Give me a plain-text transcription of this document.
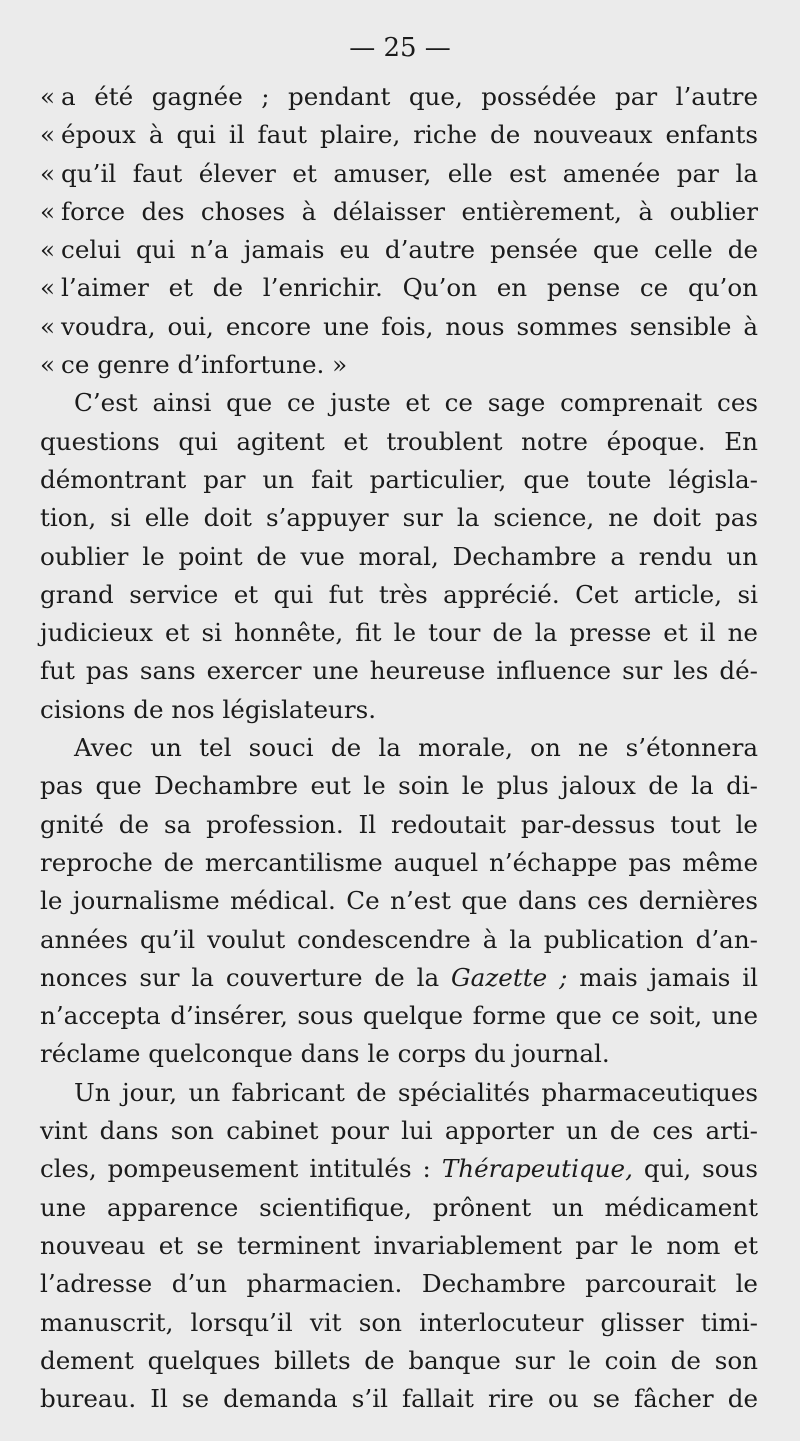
— 25 —
« a été gagnée ; pendant que, possédée par l’autre
« époux à qui il faut plaire, riche de nouveaux enfants
« qu’il faut élever et amuser, elle est amenée par la
« force des choses à délaisser entièrement, à oublier
« celui qui n’a jamais eu d’autre pensée que celle de
« l’aimer et de l’enrichir. Qu’on en pense ce qu’on
« voudra, oui, encore une fois, nous sommes sensible à
« ce genre d’infortune. »
C’est ainsi que ce juste et ce sage comprenait ces
questions qui agitent et troublent notre époque. En
démontrant par un fait particulier, que toute législa-
tion, si elle doit s’appuyer sur la science, ne doit pas
oublier le point de vue moral, Dechambre a rendu un
grand service et qui fut très apprécié. Cet article, si
judicieux et si honnête, fit le tour de la presse et il ne
fut pas sans exercer une heureuse influence sur les dé-
cisions de nos législateurs.
Avec un tel souci de la morale, on ne s’étonnera
pas que Dechambre eut le soin le plus jaloux de la di-
gnité de sa profession. Il redoutait par-dessus tout le
reproche de mercantilisme auquel n’échappe pas même
le journalisme médical. Ce n’est que dans ces dernières
années qu’il voulut condescendre à la publication d’an-
nonces sur la couverture de la Gazette ; mais jamais il
n’accepta d’insérer, sous quelque forme que ce soit, une
réclame quelconque dans le corps du journal.
Un jour, un fabricant de spécialités pharmaceutiques
vint dans son cabinet pour lui apporter un de ces arti-
cles, pompeusement intitulés : Thérapeutique, qui, sous
une apparence scientifique, prônent un médicament
nouveau et se terminent invariablement par le nom et
l’adresse d’un pharmacien. Dechambre parcourait le
manuscrit, lorsqu’il vit son interlocuteur glisser timi-
dement quelques billets de banque sur le coin de son
bureau. Il se demanda s’il fallait rire ou se fâcher de
